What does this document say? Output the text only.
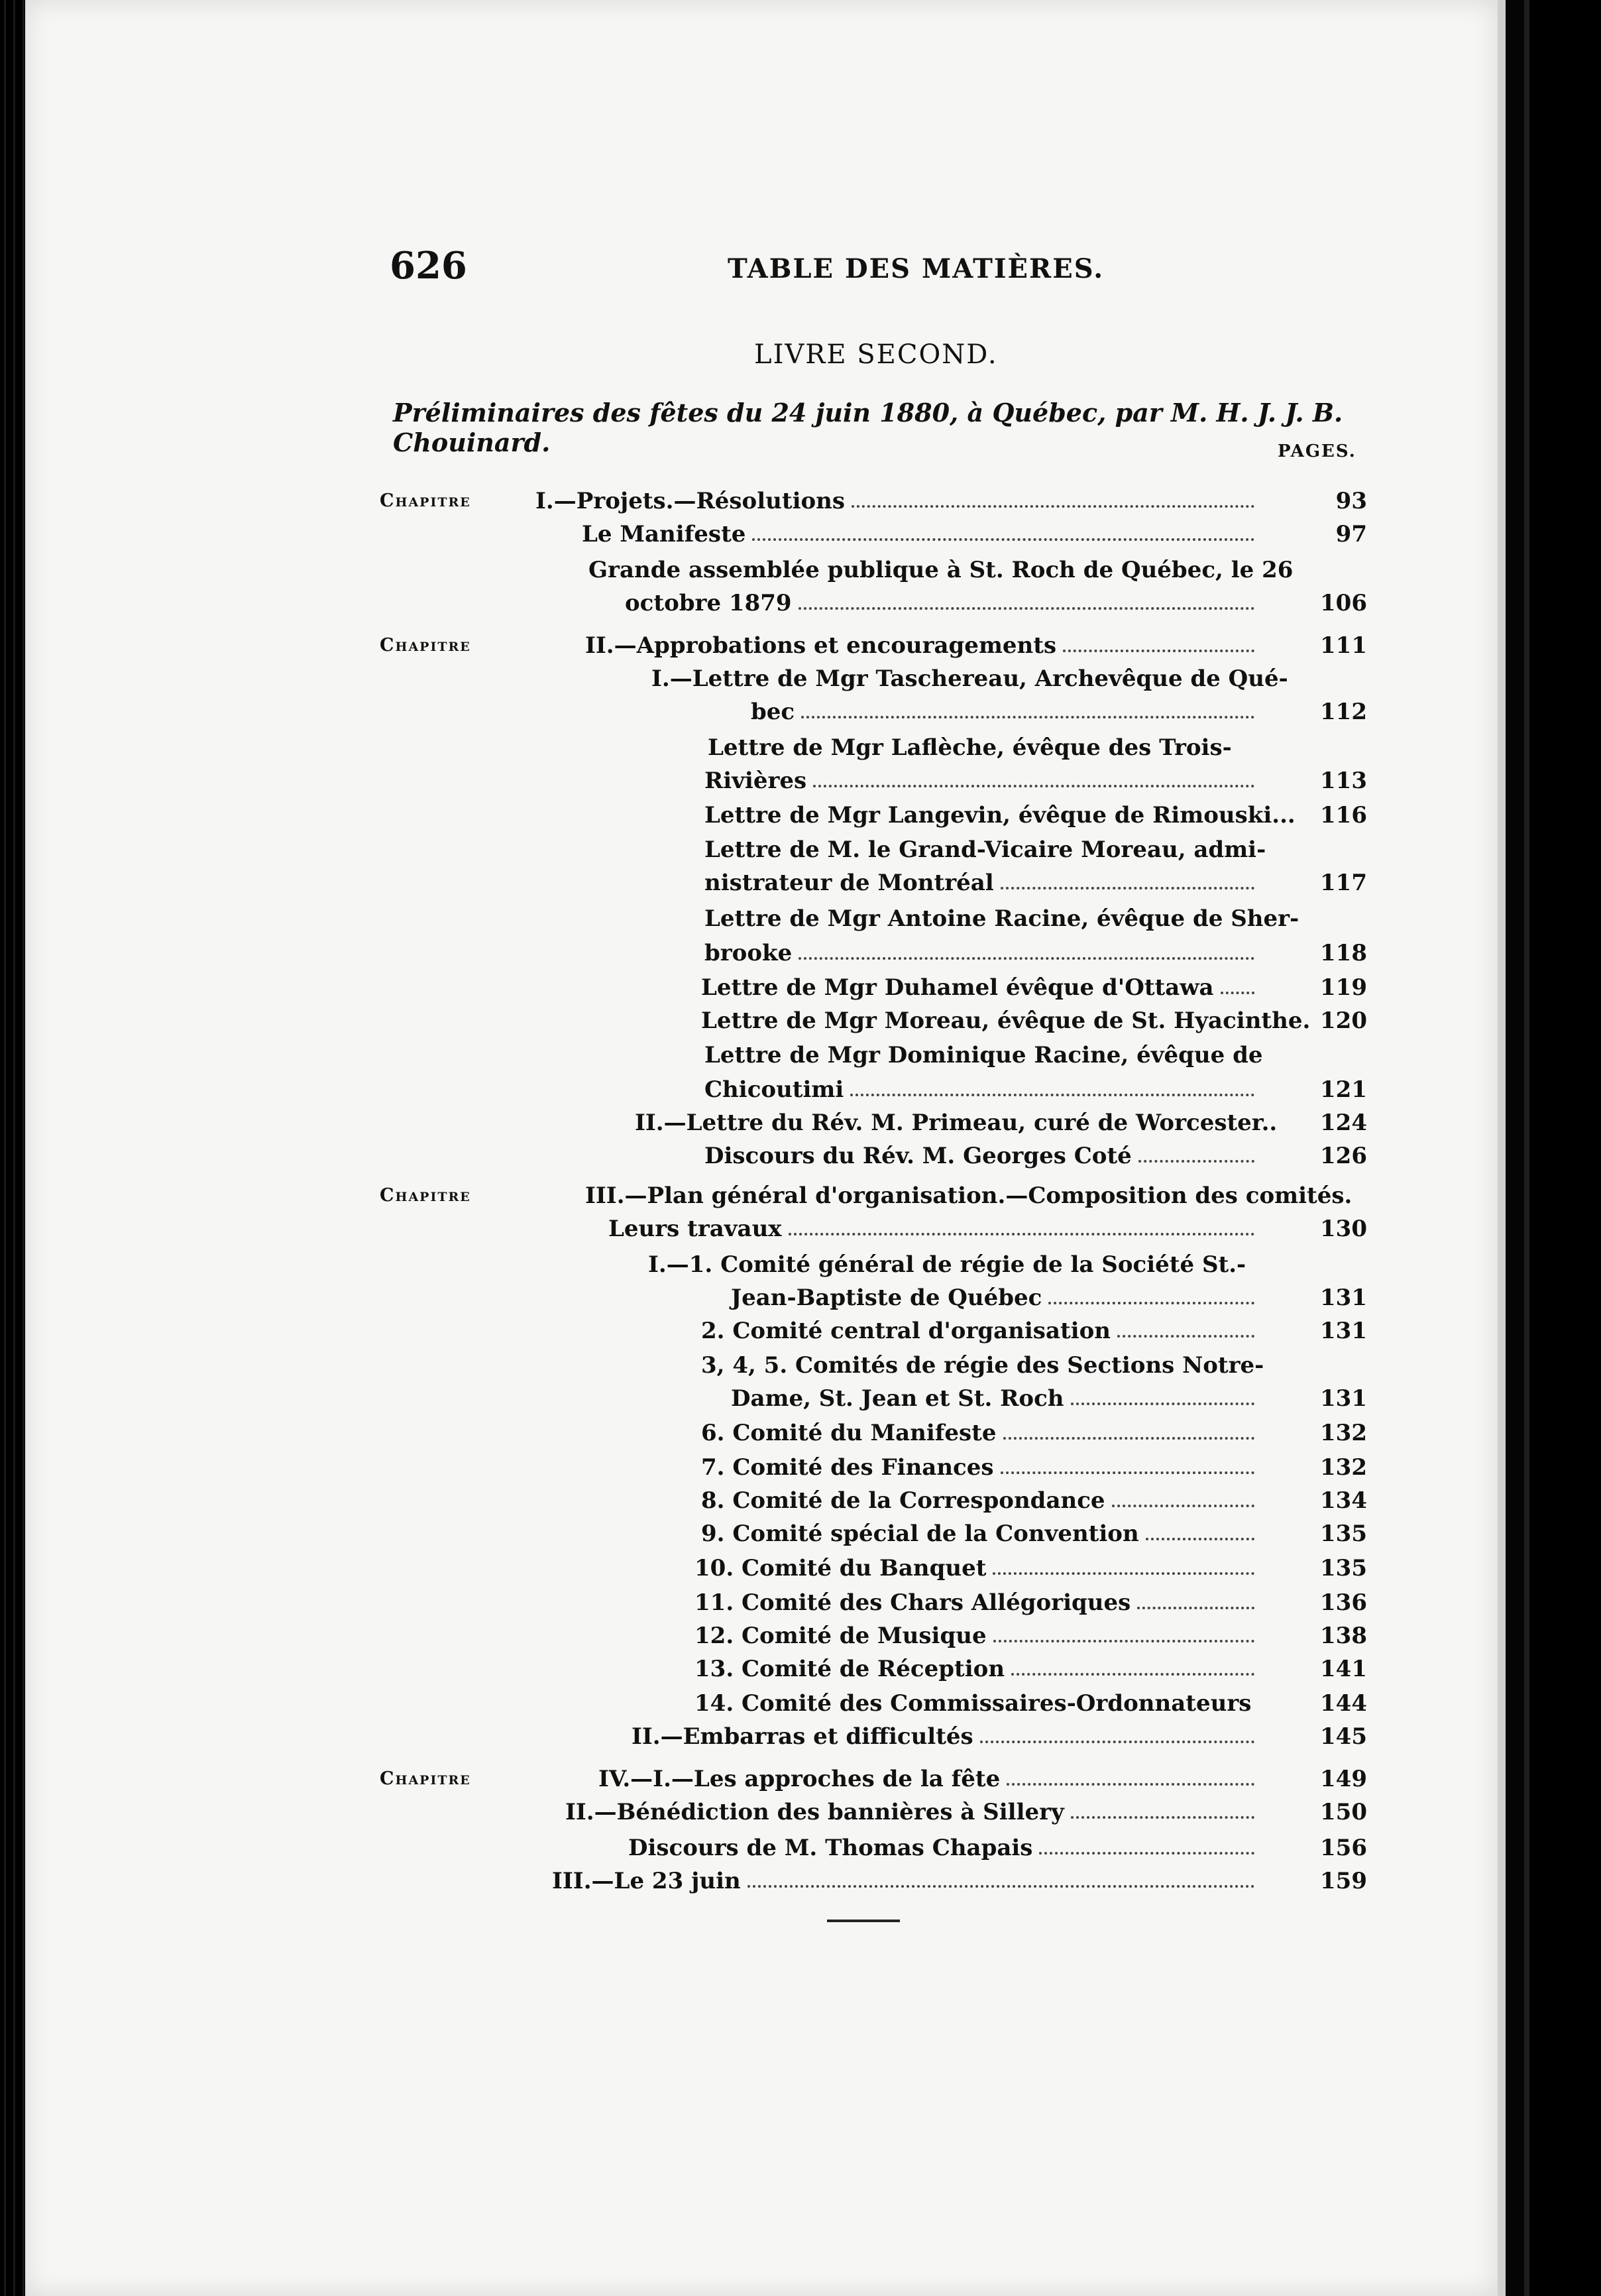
626	TABLE DES MATIÈRES.
LIVRE SECOND.
Préliminaires des fêtes du 24 juin 1880, à Québec, par M. H. J. J. B. Chouinard.	PAGES.
Chapitre	I.—Projets.—Résolutions	93
Le Manifeste	97
Grande assemblée publique à St. Roch de Québec, le 26
octobre 1879	106
Chapitre	II.—Approbations et encouragements	111
I.—Lettre de Mgr Taschereau, Archevêque de Qué-
bec	112
Lettre de Mgr Laflèche, évêque des Trois-
Rivières	113
Lettre de Mgr Langevin, évêque de Rimouski...	116
Lettre de M. le Grand-Vicaire Moreau, admi-
nistrateur de Montréal	117
Lettre de Mgr Antoine Racine, évêque de Sher-
brooke	118
Lettre de Mgr Duhamel évêque d'Ottawa	119
Lettre de Mgr Moreau, évêque de St. Hyacinthe. 120
Lettre de Mgr Dominique Racine, évêque de
Chicoutimi	121
II.—Lettre du Rév. M. Primeau, curé de Worcester..	124
Discours du Rév. M. Georges Coté	126
Chapitre	III.—Plan général d'organisation.—Composition des comités.
Leurs travaux	130
I.—1. Comité général de régie de la Société St.-
Jean-Baptiste de Québec	131
2. Comité central d'organisation	131
3, 4, 5. Comités de régie des Sections Notre-
Dame, St. Jean et St. Roch	131
6. Comité du Manifeste	132
7. Comité des Finances	132
8. Comité de la Correspondance	134
9. Comité spécial de la Convention	135
10. Comité du Banquet	135
11. Comité des Chars Allégoriques	136
12. Comité de Musique	138
13. Comité de Réception	141
14. Comité des Commissaires-Ordonnateurs	144
II.—Embarras et difficultés	145
Chapitre	IV.—I.—Les approches de la fête	149
II.—Bénédiction des bannières à Sillery	150
Discours de M. Thomas Chapais	156
III.—Le 23 juin	159
